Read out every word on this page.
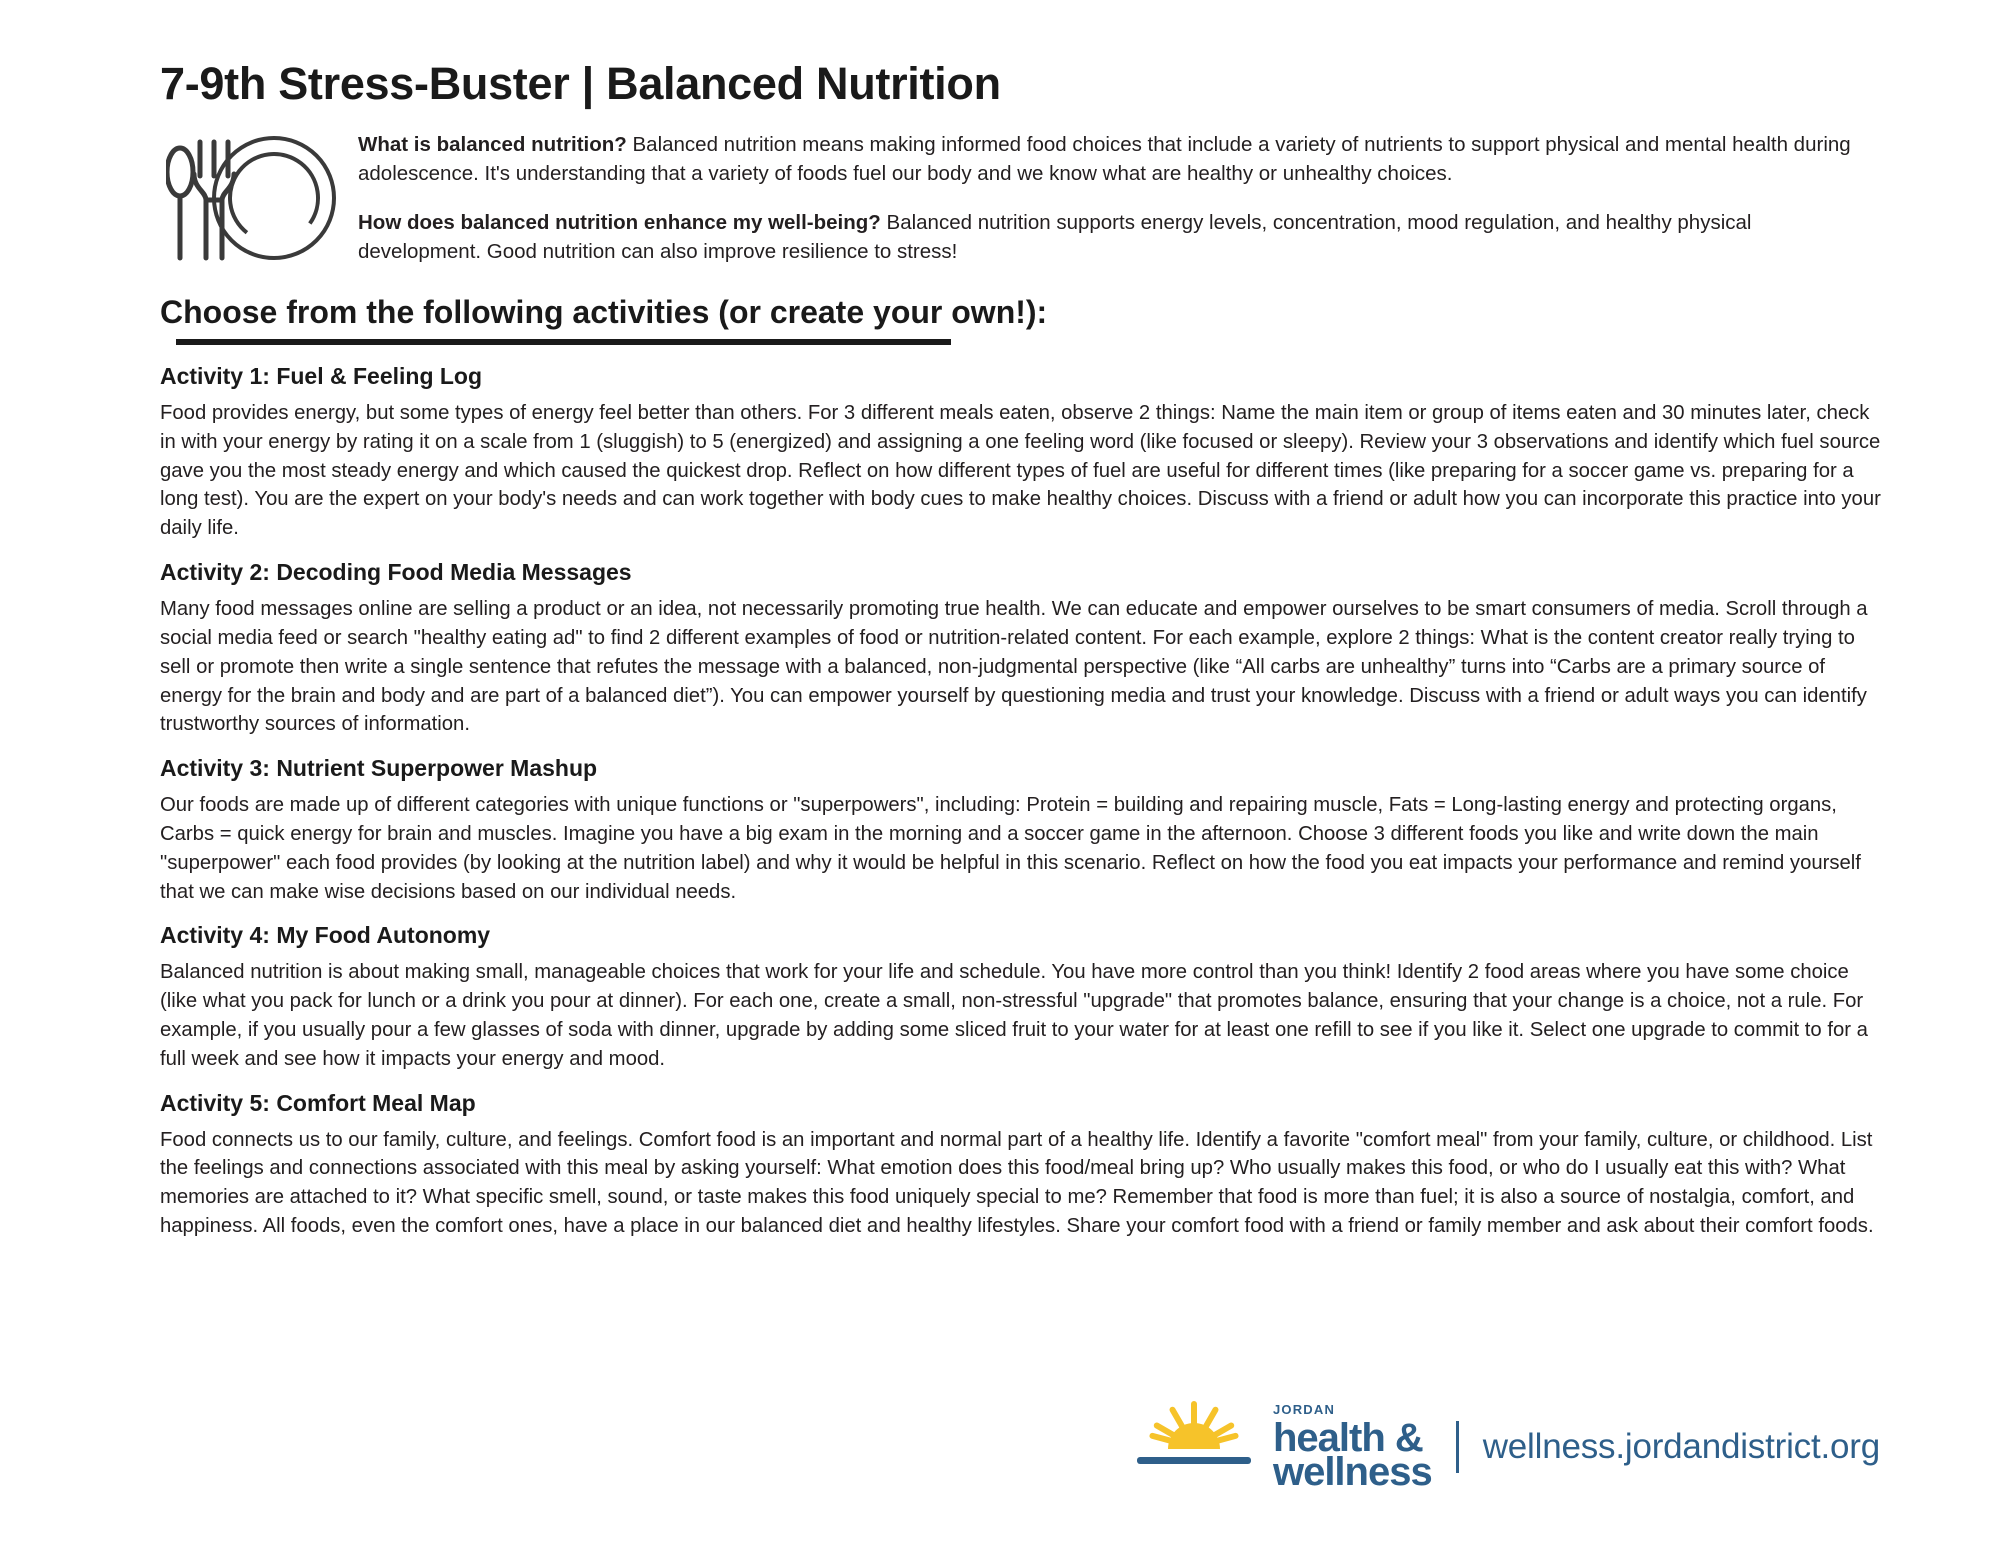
7-9th Stress-Buster | Balanced Nutrition

What is balanced nutrition? Balanced nutrition means making informed food choices that include a variety of nutrients to support physical and mental health during adolescence. It's understanding that a variety of foods fuel our body and we know what are healthy or unhealthy choices.

How does balanced nutrition enhance my well-being? Balanced nutrition supports energy levels, concentration, mood regulation, and healthy physical development. Good nutrition can also improve resilience to stress!

Choose from the following activities (or create your own!):
Activity 1: Fuel & Feeling Log

Food provides energy, but some types of energy feel better than others. For 3 different meals eaten, observe 2 things: Name the main item or group of items eaten and 30 minutes later, check in with your energy by rating it on a scale from 1 (sluggish) to 5 (energized) and assigning a one feeling word (like focused or sleepy). Review your 3 observations and identify which fuel source gave you the most steady energy and which caused the quickest drop. Reflect on how different types of fuel are useful for different times (like preparing for a soccer game vs. preparing for a long test). You are the expert on your body's needs and can work together with body cues to make healthy choices. Discuss with a friend or adult how you can incorporate this practice into your daily life.

Activity 2: Decoding Food Media Messages

Many food messages online are selling a product or an idea, not necessarily promoting true health. We can educate and empower ourselves to be smart consumers of media. Scroll through a social media feed or search "healthy eating ad" to find 2 different examples of food or nutrition-related content. For each example, explore 2 things: What is the content creator really trying to sell or promote then write a single sentence that refutes the message with a balanced, non-judgmental perspective (like “All carbs are unhealthy” turns into “Carbs are a primary source of energy for the brain and body and are part of a balanced diet”). You can empower yourself by questioning media and trust your knowledge. Discuss with a friend or adult ways you can identify trustworthy sources of information.

Activity 3: Nutrient Superpower Mashup

Our foods are made up of different categories with unique functions or "superpowers", including: Protein = building and repairing muscle, Fats = Long-lasting energy and protecting organs, Carbs = quick energy for brain and muscles. Imagine you have a big exam in the morning and a soccer game in the afternoon. Choose 3 different foods you like and write down the main "superpower" each food provides (by looking at the nutrition label) and why it would be helpful in this scenario. Reflect on how the food you eat impacts your performance and remind yourself that we can make wise decisions based on our individual needs.

Activity 4: My Food Autonomy

Balanced nutrition is about making small, manageable choices that work for your life and schedule. You have more control than you think! Identify 2 food areas where you have some choice (like what you pack for lunch or a drink you pour at dinner). For each one, create a small, non-stressful "upgrade" that promotes balance, ensuring that your change is a choice, not a rule. For example, if you usually pour a few glasses of soda with dinner, upgrade by adding some sliced fruit to your water for at least one refill to see if you like it. Select one upgrade to commit to for a full week and see how it impacts your energy and mood.

Activity 5: Comfort Meal Map

Food connects us to our family, culture, and feelings. Comfort food is an important and normal part of a healthy life. Identify a favorite "comfort meal" from your family, culture, or childhood. List the feelings and connections associated with this meal by asking yourself: What emotion does this food/meal bring up? Who usually makes this food, or who do I usually eat this with? What memories are attached to it? What specific smell, sound, or taste makes this food uniquely special to me? Remember that food is more than fuel; it is also a source of nostalgia, comfort, and happiness. All foods, even the comfort ones, have a place in our balanced diet and healthy lifestyles. Share your comfort food with a friend or family member and ask about their comfort foods.

JORDAN
health &
wellness
wellness.jordandistrict.org
